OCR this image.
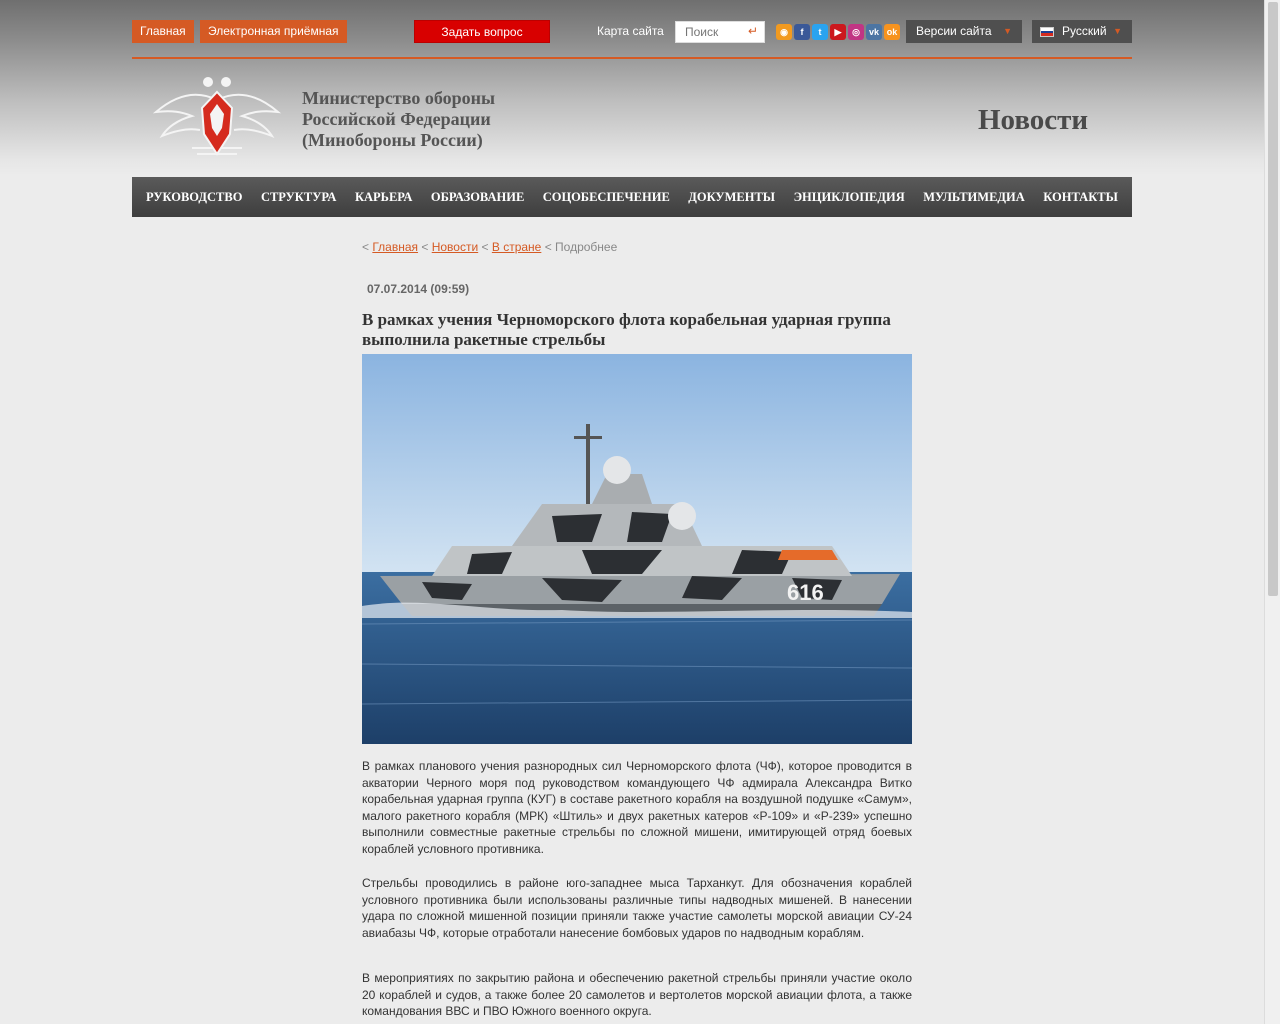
Главная	Электронная приёмная	Задать вопрос	Карта сайта
Поиск	↵	◉	f	t	▶	◎	vk ok	Версии сайта ▼	Русский ▼
Министерство обороны
Российской Федерации
(Минобороны России)
Новости
РУКОВОДСТВО СТРУКТУРА КАРЬЕРА ОБРАЗОВАНИЕ СОЦОБЕСПЕЧЕНИЕ ДОКУМЕНТЫ ЭНЦИКЛОПЕДИЯ МУЛЬТИМЕДИА КОНТАКТЫ
< Главная < Новости < В стране < Подробнее
07.07.2014 (09:59)
В рамках учения Черноморского флота корабельная ударная группа выполнила ракетные стрельбы
616

В рамках планового учения разнородных сил Черноморского флота (ЧФ), которое проводится в акватории Черного моря под руководством командующего ЧФ адмирала Александра Витко корабельная ударная группа (КУГ) в составе ракетного корабля на воздушной подушке «Самум», малого ракетного корабля (МРК) «Штиль» и двух ракетных катеров «Р-109» и «Р-239» успешно выполнили совместные ракетные стрельбы по сложной мишени, имитирующей отряд боевых кораблей условного противника.

Стрельбы проводились в районе юго-западнее мыса Тарханкут. Для обозначения кораблей условного противника были использованы различные типы надводных мишеней. В нанесении удара по сложной мишенной позиции приняли также участие самолеты морской авиации СУ-24 авиабазы ЧФ, которые отработали нанесение бомбовых ударов по надводным кораблям.

В мероприятиях по закрытию района и обеспечению ракетной стрельбы приняли участие около 20 кораблей и судов, а также более 20 самолетов и вертолетов морской авиации флота, а также командования ВВС и ПВО Южного военного округа.
